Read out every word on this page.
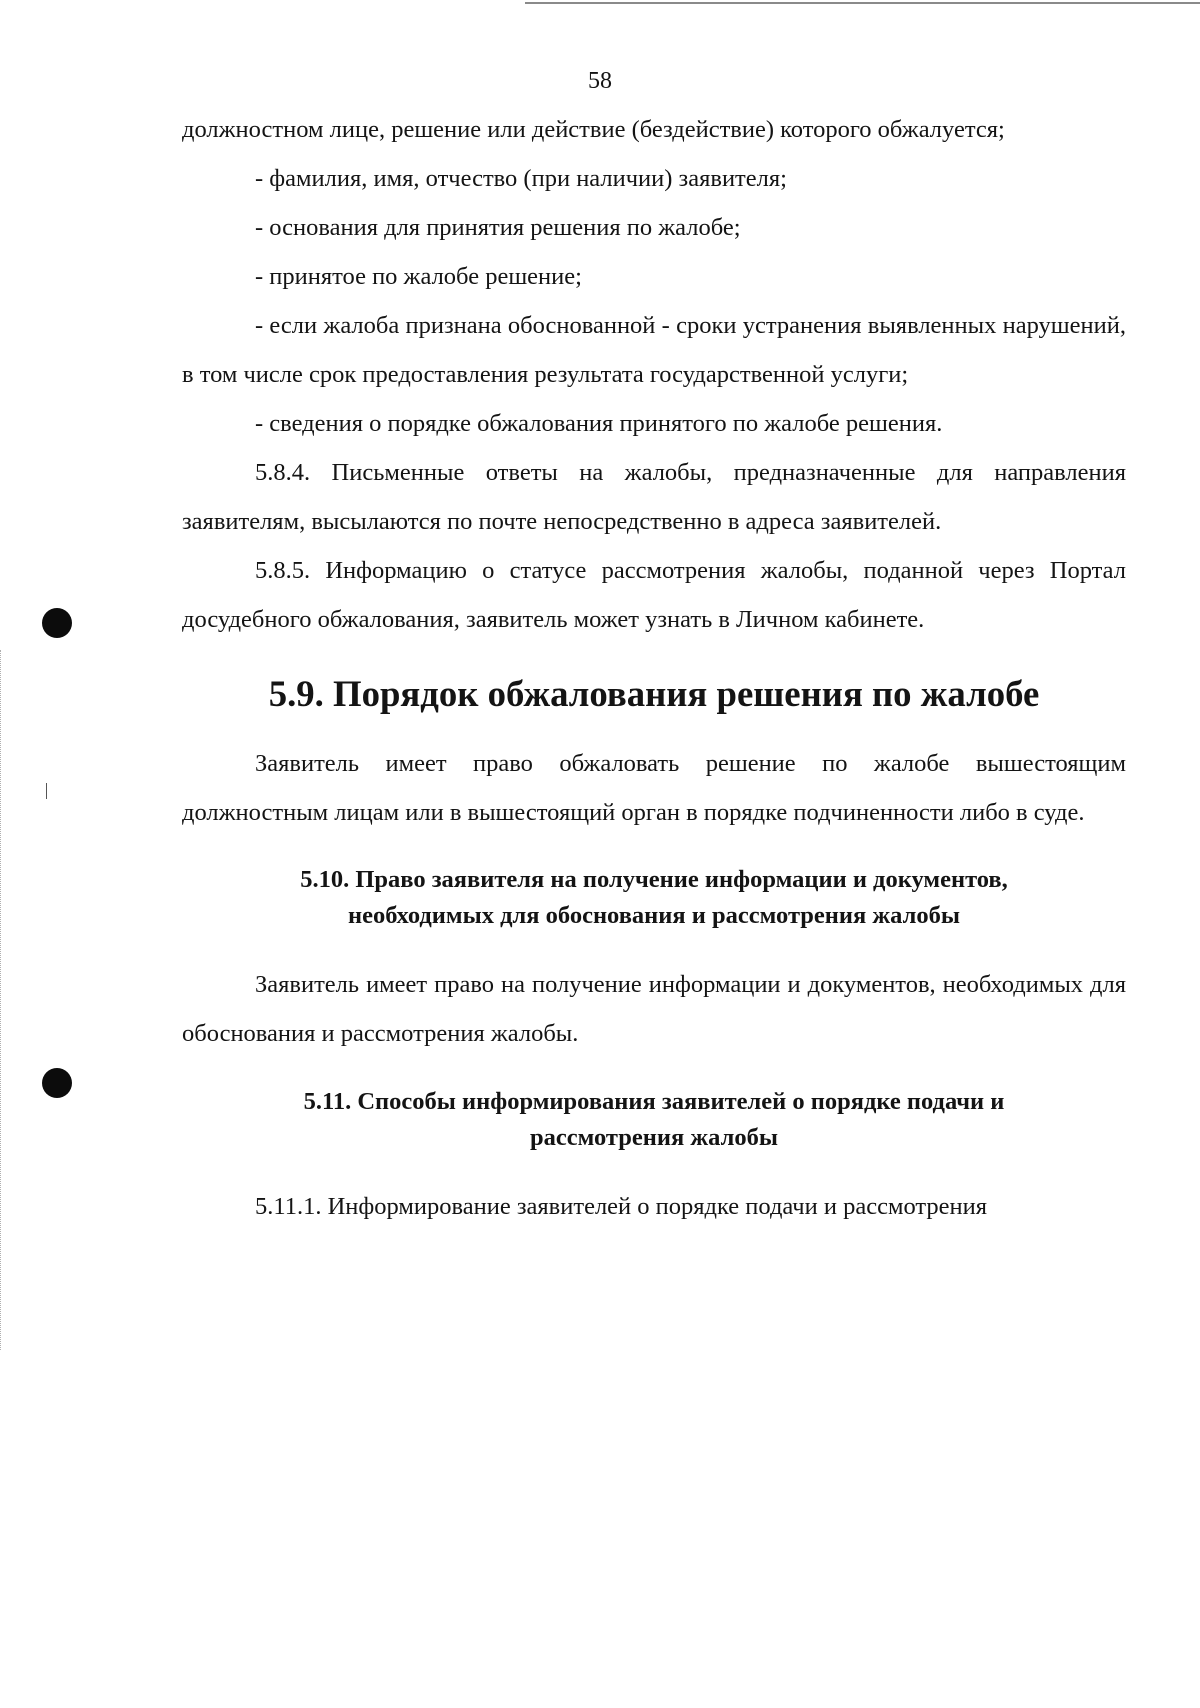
58

должностном лице, решение или действие (бездействие) которого обжалуется;

- фамилия, имя, отчество (при наличии) заявителя;

- основания для принятия решения по жалобе;

- принятое по жалобе решение;

- если жалоба признана обоснованной - сроки устранения выявленных нарушений, в том числе срок предоставления результата государственной услуги;

- сведения о порядке обжалования принятого по жалобе решения.

5.8.4. Письменные ответы на жалобы, предназначенные для направления заявителям, высылаются по почте непосредственно в адреса заявителей.

5.8.5. Информацию о статусе рассмотрения жалобы, поданной через Портал досудебного обжалования, заявитель может узнать в Личном кабинете.

5.9. Порядок обжалования решения по жалобе

Заявитель имеет право обжаловать решение по жалобе вышестоящим должностным лицам или в вышестоящий орган в порядке подчиненности либо в суде.

5.10. Право заявителя на получение информации и документов,
необходимых для обоснования и рассмотрения жалобы

Заявитель имеет право на получение информации и документов, необходимых для обоснования и рассмотрения жалобы.

5.11. Способы информирования заявителей о порядке подачи и
рассмотрения жалобы

5.11.1. Информирование заявителей о порядке подачи и рассмотрения
